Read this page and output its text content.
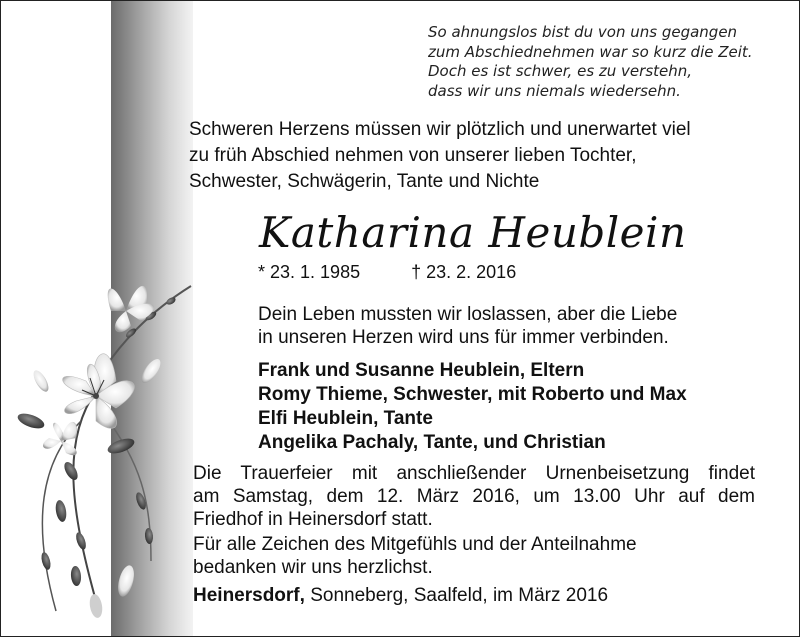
So ahnungslos bist du von uns gegangen
zum Abschiednehmen war so kurz die Zeit.
Doch es ist schwer, es zu verstehn,
dass wir uns niemals wiedersehn.
Schweren Herzens müssen wir plötzlich und unerwartet viel
zu früh Abschied nehmen von unserer lieben Tochter,
Schwester, Schwägerin, Tante und Nichte
Katharina Heublein
* 23. 1. 1985	† 23. 2. 2016
Dein Leben mussten wir loslassen, aber die Liebe
in unseren Herzen wird uns für immer verbinden.
Frank und Susanne Heublein, Eltern
Romy Thieme, Schwester, mit Roberto und Max
Elfi Heublein, Tante
Angelika Pachaly, Tante, und Christian
Die Trauerfeier mit anschließender Urnenbeisetzung findet
am Samstag, dem 12. März 2016, um 13.00 Uhr auf dem
Friedhof in Heinersdorf statt.
Für alle Zeichen des Mitgefühls und der Anteilnahme
bedanken wir uns herzlichst.
Heinersdorf, Sonneberg, Saalfeld, im März 2016
